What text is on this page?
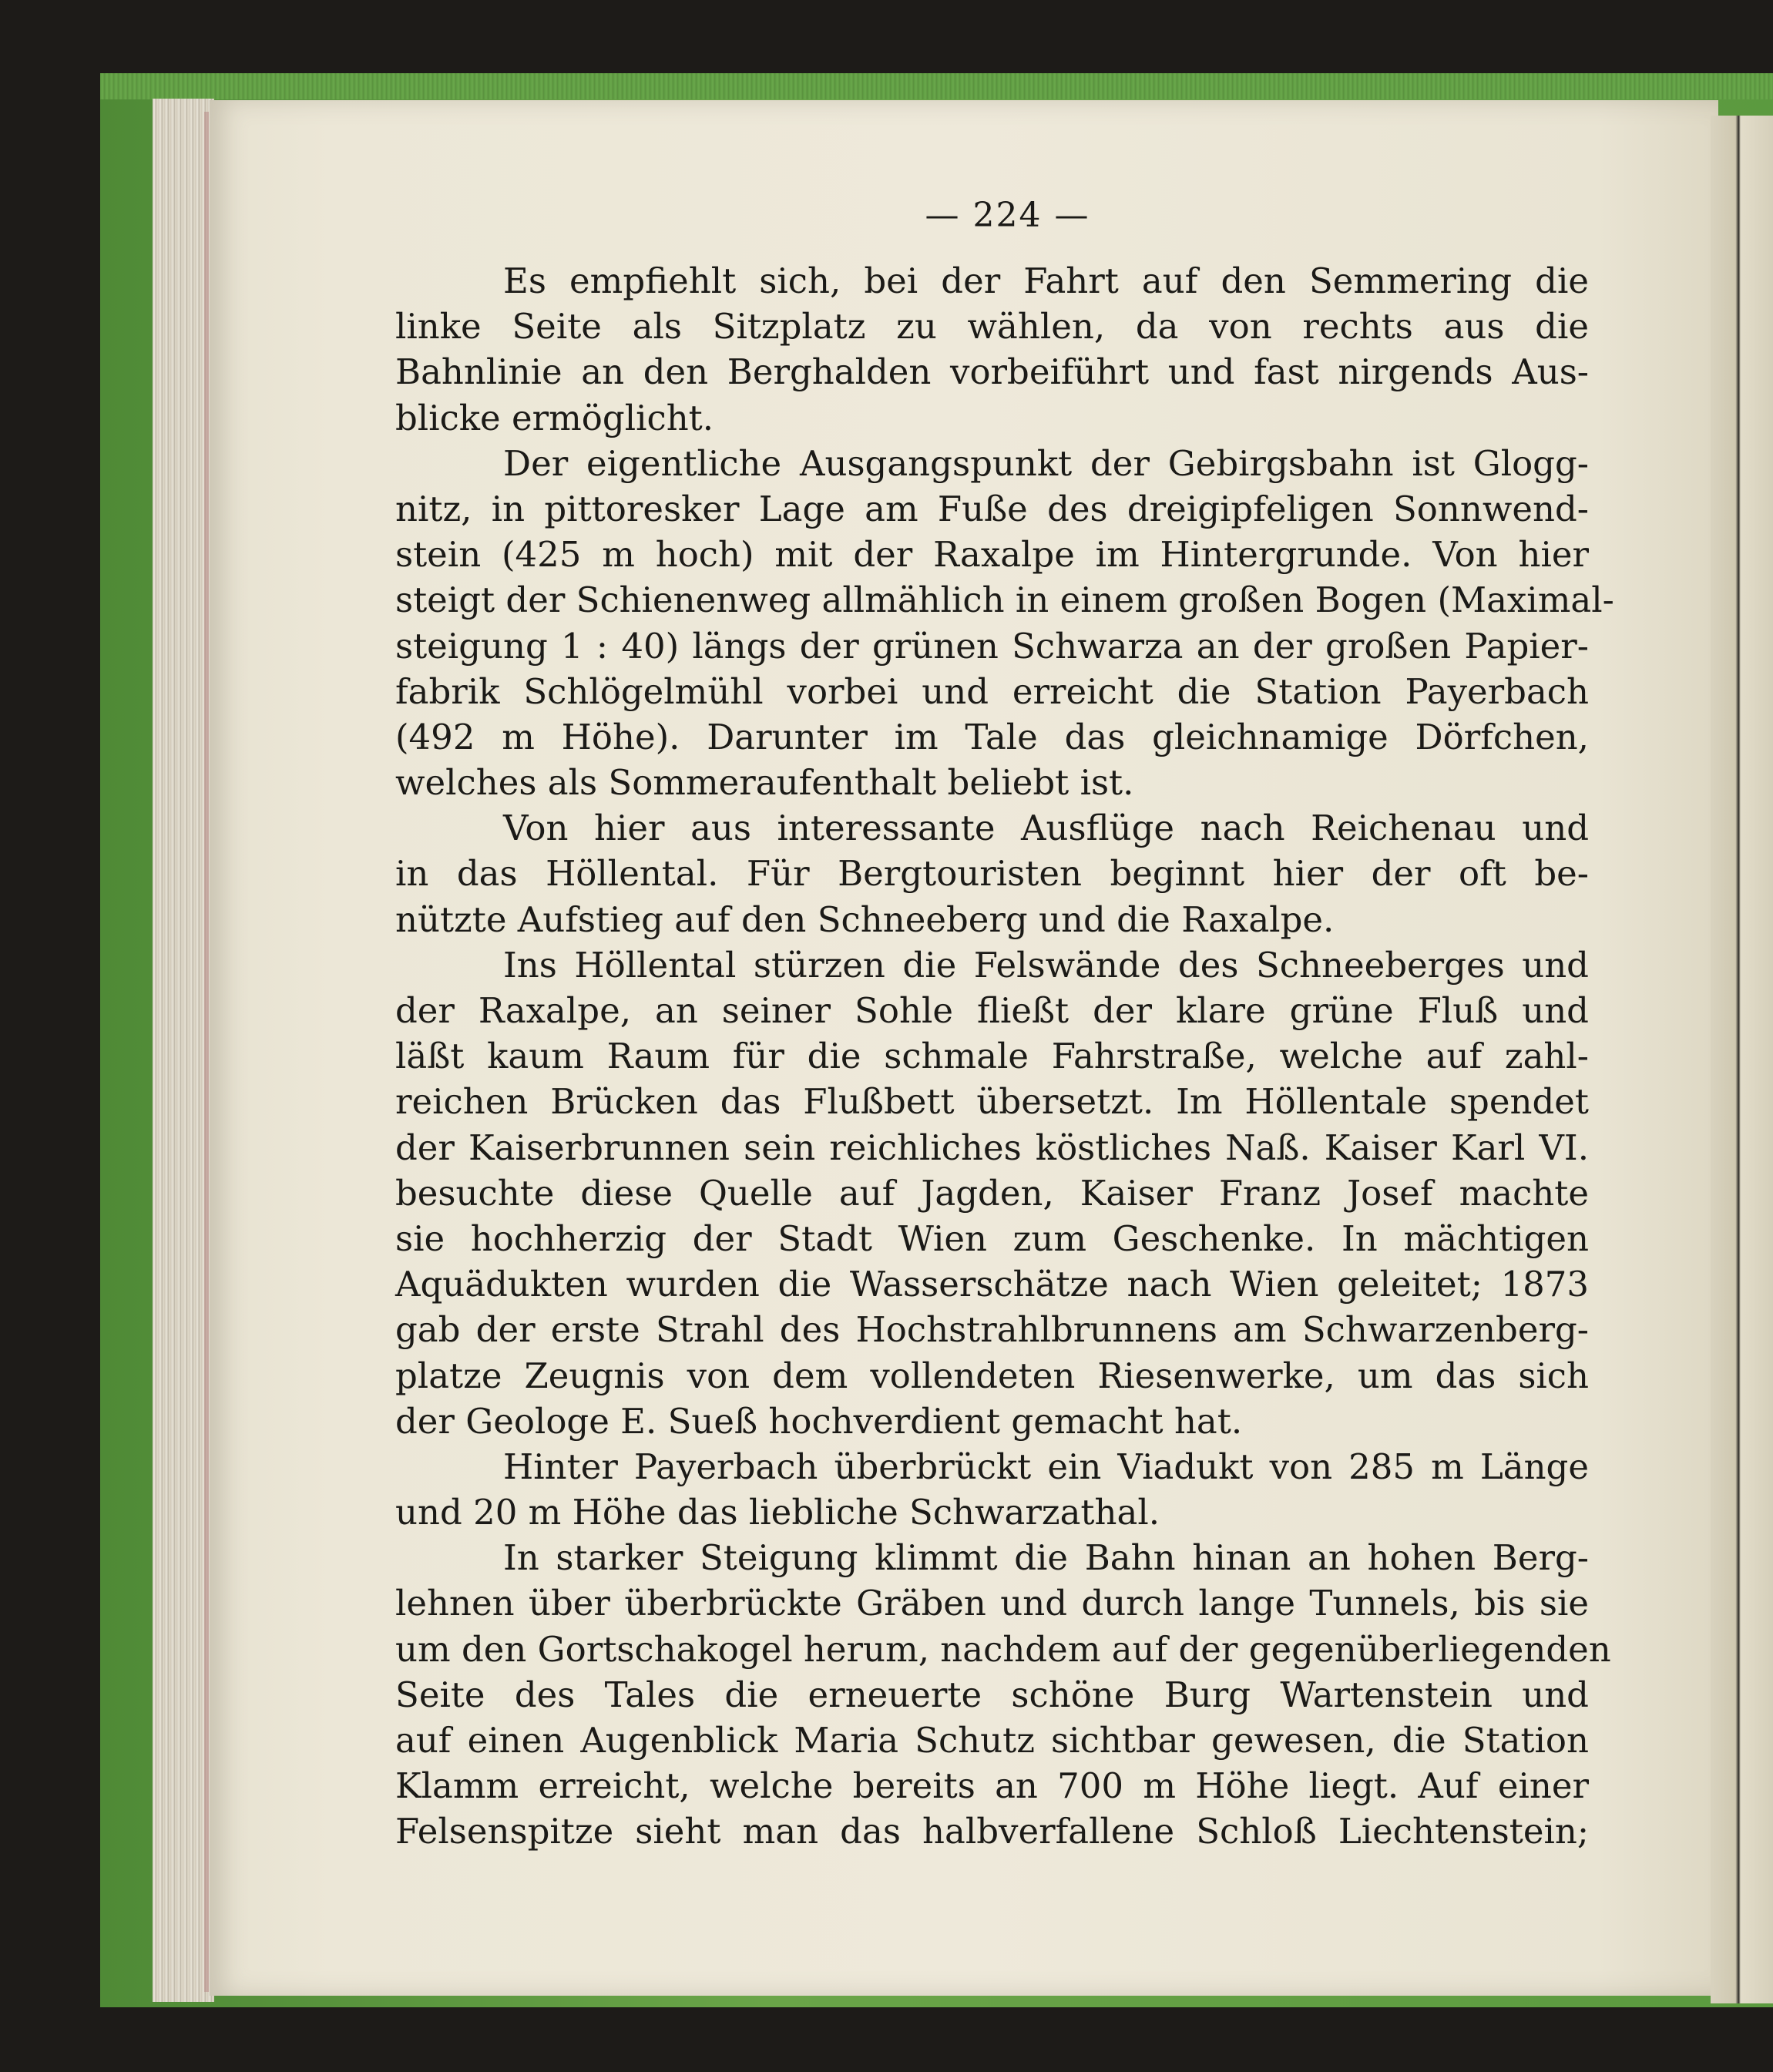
— 224 —
Es empfiehlt sich, bei der Fahrt auf den Semmering die
linke Seite als Sitzplatz zu wählen, da von rechts aus die
Bahnlinie an den Berghalden vorbeiführt und fast nirgends Aus-
blicke ermöglicht.
Der eigentliche Ausgangspunkt der Gebirgsbahn ist Glogg-
nitz, in pittoresker Lage am Fuße des dreigipfeligen Sonnwend-
stein (425 m hoch) mit der Raxalpe im Hintergrunde. Von hier
steigt der Schienenweg allmählich in einem großen Bogen (Maximal-
steigung 1 : 40) längs der grünen Schwarza an der großen Papier-
fabrik Schlögelmühl vorbei und erreicht die Station Payerbach
(492 m Höhe). Darunter im Tale das gleichnamige Dörfchen,
welches als Sommeraufenthalt beliebt ist.
Von hier aus interessante Ausflüge nach Reichenau und
in das Höllental. Für Bergtouristen beginnt hier der oft be-
nützte Aufstieg auf den Schneeberg und die Raxalpe.
Ins Höllental stürzen die Felswände des Schneeberges und
der Raxalpe, an seiner Sohle fließt der klare grüne Fluß und
läßt kaum Raum für die schmale Fahrstraße, welche auf zahl-
reichen Brücken das Flußbett übersetzt. Im Höllentale spendet
der Kaiserbrunnen sein reichliches köstliches Naß. Kaiser Karl VI.
besuchte diese Quelle auf Jagden, Kaiser Franz Josef machte
sie hochherzig der Stadt Wien zum Geschenke. In mächtigen
Aquädukten wurden die Wasserschätze nach Wien geleitet; 1873
gab der erste Strahl des Hochstrahlbrunnens am Schwarzenberg-
platze Zeugnis von dem vollendeten Riesenwerke, um das sich
der Geologe E. Sueß hochverdient gemacht hat.
Hinter Payerbach überbrückt ein Viadukt von 285 m Länge
und 20 m Höhe das liebliche Schwarzathal.
In starker Steigung klimmt die Bahn hinan an hohen Berg-
lehnen über überbrückte Gräben und durch lange Tunnels, bis sie
um den Gortschakogel herum, nachdem auf der gegenüberliegenden
Seite des Tales die erneuerte schöne Burg Wartenstein und
auf einen Augenblick Maria Schutz sichtbar gewesen, die Station
Klamm erreicht, welche bereits an 700 m Höhe liegt. Auf einer
Felsenspitze sieht man das halbverfallene Schloß Liechtenstein;
